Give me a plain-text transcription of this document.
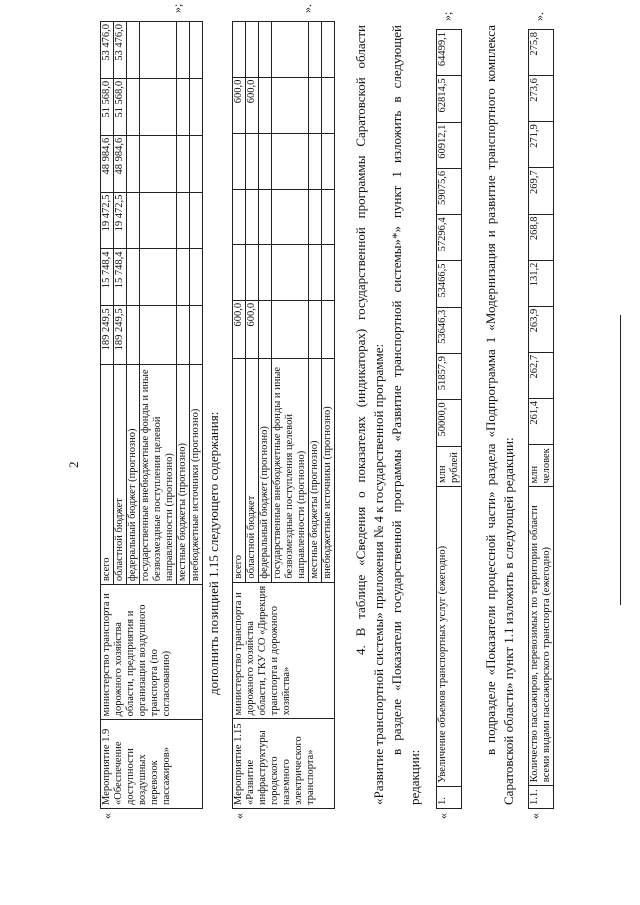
2
«
Мероприятие 1.9 «Обеспечение доступности воздушных перевозок пассажиров»	министерство транспорта и дорожного хозяйства области, предприятия и организации воздушного транспорта (по согласованию)	всего	189 249,5	15 748,4	19 472,5	48 984,6	51 568,0	53 476,0
		областной бюджет	189 249,5	15 748,4	19 472,5	48 984,6	51 568,0	53 476,0
		федеральный бюджет (прогнозно)						
		государственные внебюджетные фонды и иные безвозмездные поступления целевой направленности (прогнозно)						
		местные бюджеты (прогнозно)						
		внебюджетные источники (прогнозно)						
»;
дополнить позицией 1.15 следующего содержания:
«
Мероприятие 1.15 «Развитие инфраструктуры городского наземного электрического транспорта»	министерство транспорта и дорожного хозяйства области, ГКУ СО «Дирекция транспорта и дорожного хозяйства»	всего	600,0				600,0	
		областной бюджет	600,0				600,0	
		федеральный бюджет (прогнозно)						
		государственные внебюджетные фонды и иные безвозмездные поступления целевой направленности (прогнозно)						
		местные бюджеты (прогнозно)						
		внебюджетные источники (прогнозно)						
».
4. В таблице «Сведения о показателях (индикаторах) государственной программы Саратовской области «Развитие транспортной системы» приложения № 4 к государственной программе: в разделе «Показатели государственной программы «Развитие транспортной системы»*» пункт 1 изложить в следующей редакции:
«
1.	Увеличение объемов транспортных услуг (ежегодно)	млн рублей	50000,0	51857,9	53646,3	53466,5	57296,4	59075,6	60912,1	62814,5	64499,1
»;
в подразделе «Показатели процессной части» раздела «Подпрограмма 1 «Модернизация и развитие транспортного комплекса Саратовской области» пункт 1.1 изложить в следующей редакции:
«
1.1.	Количество пассажиров, перевозимых по территории области всеми видами пассажирского транспорта (ежегодно)	млн человек	261,4	262,7	263,9	131,2	268,8	269,7	271,9	273,6	275,8
».
